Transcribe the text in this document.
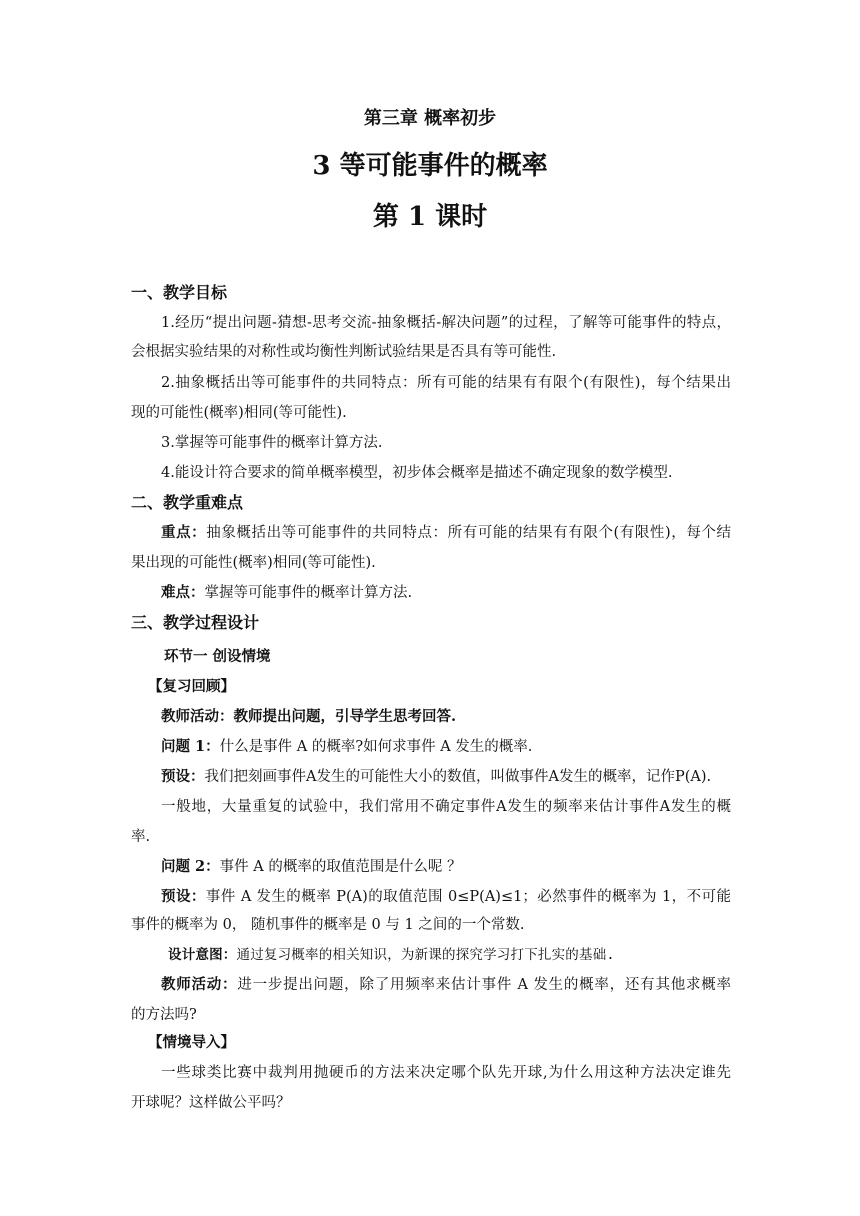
第三章 概率初步
3 等可能事件的概率
第 1 课时
一、教学目标
1.经历“提出问题-猜想-思考交流-抽象概括-解决问题”的过程，了解等可能事件的特点，
会根据实验结果的对称性或均衡性判断试验结果是否具有等可能性.
2.抽象概括出等可能事件的共同特点：所有可能的结果有有限个(有限性)，每个结果出
现的可能性(概率)相同(等可能性).
3.掌握等可能事件的概率计算方法.
4.能设计符合要求的简单概率模型，初步体会概率是描述不确定现象的数学模型.
二、教学重难点
重点：抽象概括出等可能事件的共同特点：所有可能的结果有有限个(有限性)，每个结
果出现的可能性(概率)相同(等可能性).
难点：掌握等可能事件的概率计算方法.
三、教学过程设计
环节一 创设情境
【复习回顾】
教师活动：教师提出问题，引导学生思考回答.
问题 1：什么是事件 A 的概率?如何求事件 A 发生的概率.
预设：我们把刻画事件A发生的可能性大小的数值，叫做事件A发生的概率，记作P(A).
一般地，大量重复的试验中，我们常用不确定事件A发生的频率来估计事件A发生的概
率.
问题 2：事件 A 的概率的取值范围是什么呢 ？
预设：事件 A 发生的概率 P(A)的取值范围 0≤P(A)≤1；必然事件的概率为 1，不可能
事件的概率为 0， 随机事件的概率是 0 与 1 之间的一个常数.
设计意图：通过复习概率的相关知识，为新课的探究学习打下扎实的基础.
教师活动：进一步提出问题，除了用频率来估计事件 A 发生的概率，还有其他求概率
的方法吗?
【情境导入】
一些球类比赛中裁判用抛硬币的方法来决定哪个队先开球,为什么用这种方法决定谁先
开球呢？这样做公平吗？
